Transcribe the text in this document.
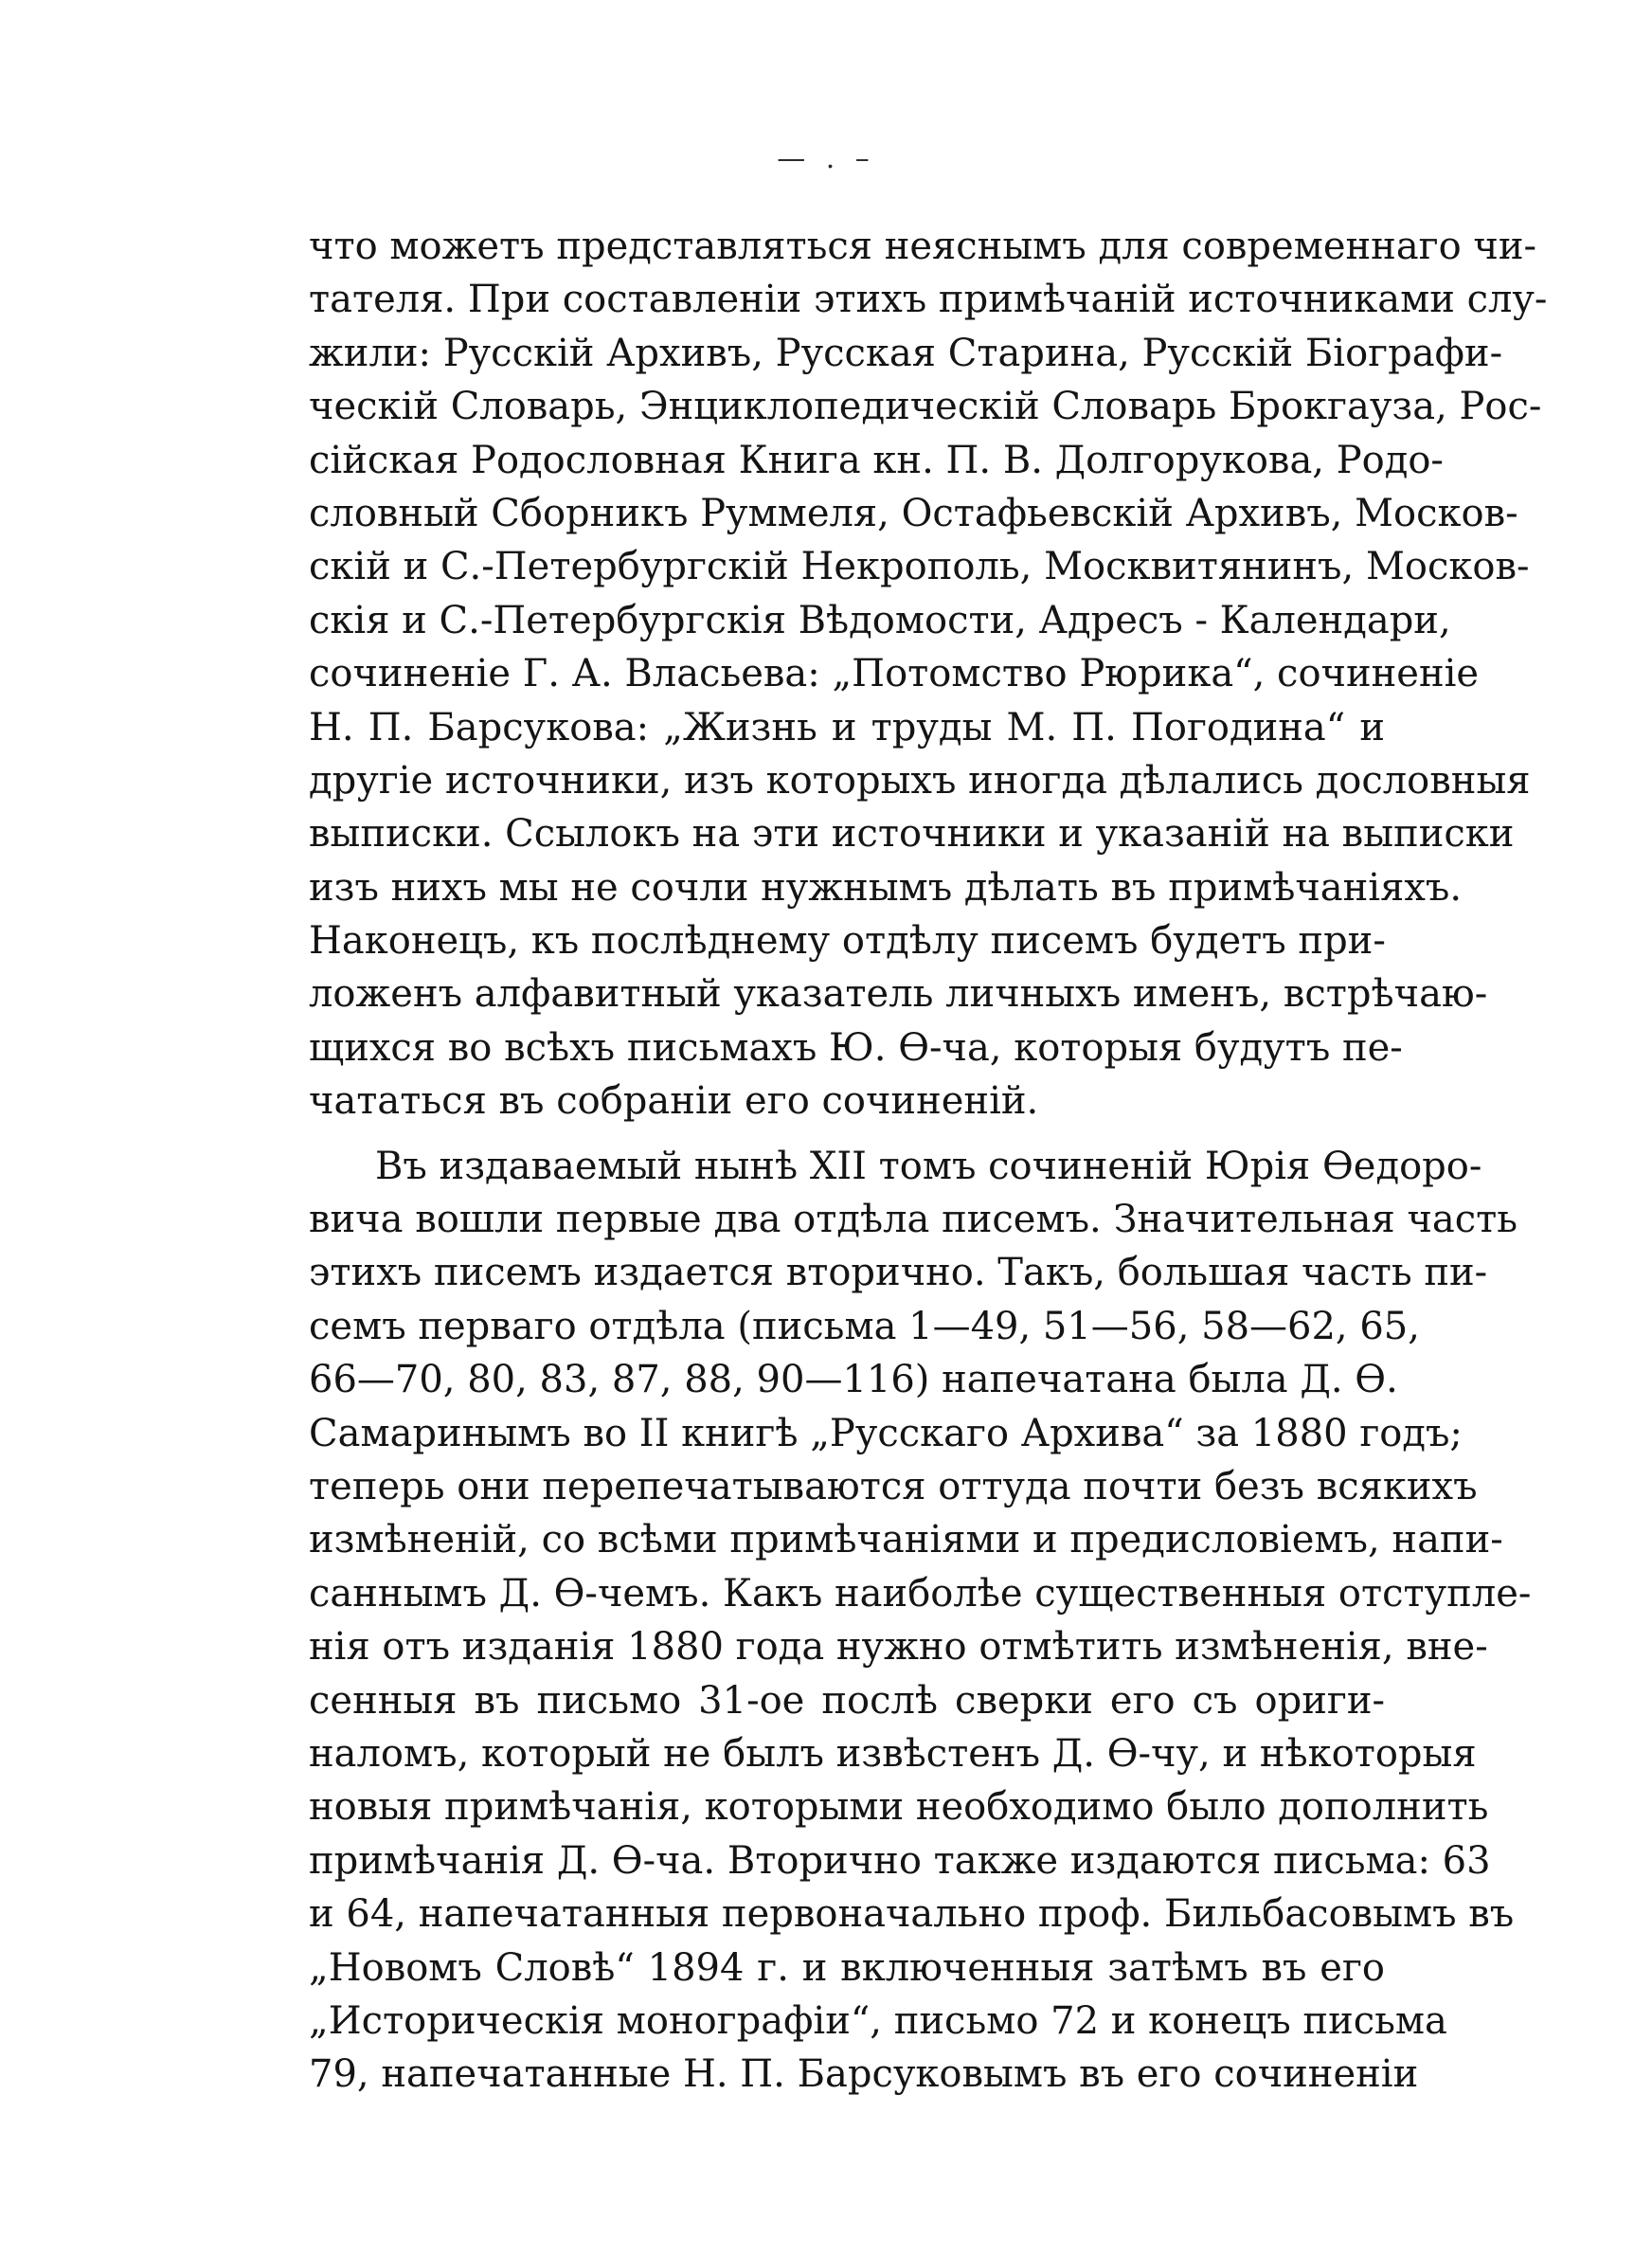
— . –
что можетъ представляться неяснымъ для современнаго чи-
тателя. При составленіи этихъ примѣчаній источниками слу-
жили: Русскій Архивъ, Русская Старина, Русскій Біографи-
ческій Словарь, Энциклопедическій Словарь Брокгауза, Рос-
сійская Родословная Книга кн. П. В. Долгорукова, Родо-
словный Сборникъ Руммеля, Остафьевскій Архивъ, Москов-
скій и С.-Петербургскій Некрополь, Москвитянинъ, Москов-
скія и С.-Петербургскія Вѣдомости, Адресъ - Календари,
сочиненіе Г. А. Власьева: „Потомство Рюрика“, сочиненіе
Н. П. Барсукова: „Жизнь и труды М. П. Погодина“ и
другіе источники, изъ которыхъ иногда дѣлались дословныя
выписки. Ссылокъ на эти источники и указаній на выписки
изъ нихъ мы не сочли нужнымъ дѣлать въ примѣчаніяхъ.
Наконецъ, къ послѣднему отдѣлу писемъ будетъ при-
ложенъ алфавитный указатель личныхъ именъ, встрѣчаю-
щихся во всѣхъ письмахъ Ю. Ѳ-ча, которыя будутъ пе-
чататься въ собраніи его сочиненій.
Въ издаваемый нынѣ XII томъ сочиненій Юрія Ѳедоро-
вича вошли первые два отдѣла писемъ. Значительная часть
этихъ писемъ издается вторично. Такъ, большая часть пи-
семъ перваго отдѣла (письма 1—49, 51—56, 58—62, 65,
66—70, 80, 83, 87, 88, 90—116) напечатана была Д. Ѳ.
Самаринымъ во II книгѣ „Русскаго Архива“ за 1880 годъ;
теперь они перепечатываются оттуда почти безъ всякихъ
измѣненій, со всѣми примѣчаніями и предисловіемъ, напи-
саннымъ Д. Ѳ-чемъ. Какъ наиболѣе существенныя отступле-
нія отъ изданія 1880 года нужно отмѣтить измѣненія, вне-
сенныя въ письмо 31-ое послѣ сверки его съ ориги-
наломъ, который не былъ извѣстенъ Д. Ѳ-чу, и нѣкоторыя
новыя примѣчанія, которыми необходимо было дополнить
примѣчанія Д. Ѳ-ча. Вторично также издаются письма: 63
и 64, напечатанныя первоначально проф. Бильбасовымъ въ
„Новомъ Словѣ“ 1894 г. и включенныя затѣмъ въ его
„Историческія монографіи“, письмо 72 и конецъ письма
79, напечатанные Н. П. Барсуковымъ въ его сочиненіи
